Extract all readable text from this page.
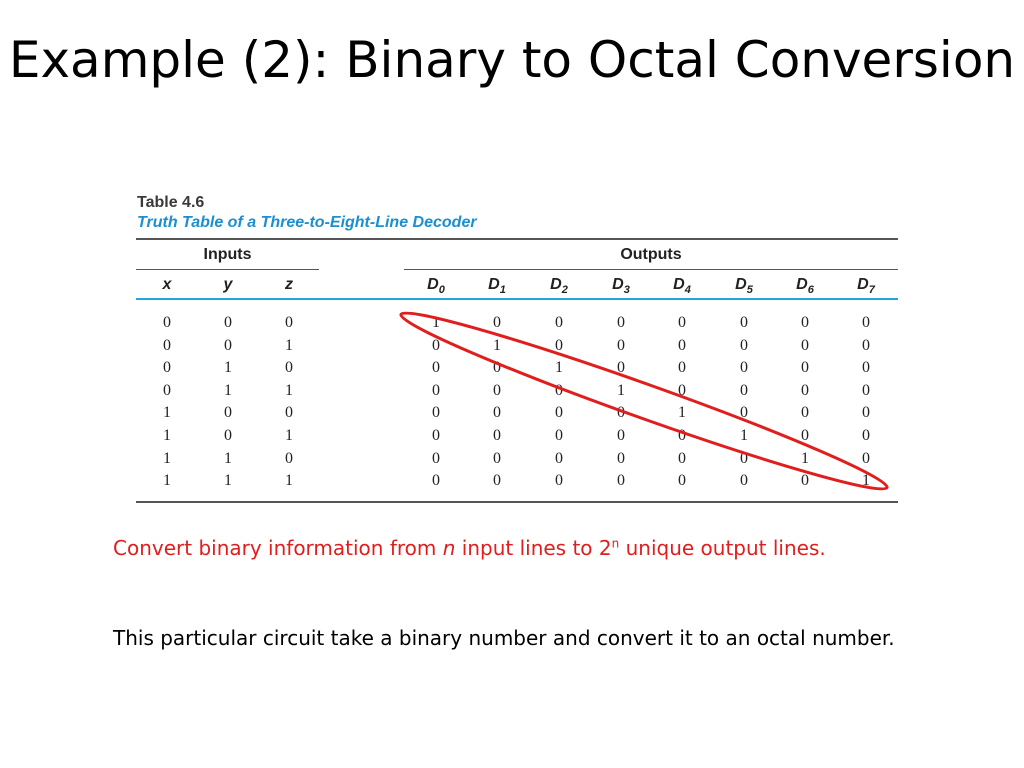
Example (2): Binary to Octal Conversion
Table 4.6
Truth Table of a Three-to-Eight-Line Decoder
Inputs	Outputs
x	y	z	$D_0$	$D_1$	$D_2$	$D_3$	$D_4$	$D_5$	$D_6$	$D_7$
0	0	0	1	0	0	0	0	0	0	0
0	0	1	0	1	0	0	0	0	0	0
0	1	0	0	0	1	0	0	0	0	0
0	1	1	0	0	0	1	0	0	0	0
1	0	0	0	0	0	0	1	0	0	0
1	0	1	0	0	0	0	0	1	0	0
1	1	0	0	0	0	0	0	0	1	0
1	1	1	0	0	0	0	0	0	0	1
Convert binary information from n input lines to 2$^n$ unique output lines.
This particular circuit take a binary number and convert it to an octal number.
